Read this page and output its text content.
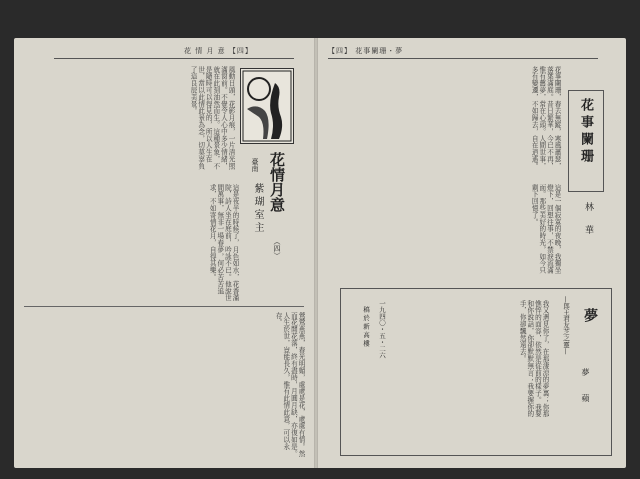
花 情 月 意 【四】
花情月意
（四）
臺南
紫瑚室主
風動日頭，花影月痕，一片清光照滿窗前。不覺令人心中多少情緒，就在此刻油然而生。這種景象，不是隨時可以得見的，所以人生在世，當以此情此景為念，切莫辜負了這良辰美景。
這是夜半的時候了，月色如水，花香滿院，詩人坐在庭前，吟詠不已。他說世間萬事，無非一場春夢，何必苦苦追求，不如寄情花月，自得其樂。
鶯鶯燕燕，春光明媚，處處是花，處處有情。然而花開花落，終有盡時，月圓月缺，亦復如是。人生於世，豈能長久，惟有此情此意，可以永存。
【四】 花事闌珊・夢
花事闌珊
林華
花事闌珊，春去無蹤，寒風蕭瑟，落葉滿庭。昔日繁華，今已不再，惟有舊夢，常在心頭。人間世事，多有變遷，不如歸去，自在逍遙。
這是一個寂寞的夜晚，我獨坐燈下，回想往事，不禁淚流滿面。那些美好的時光，如今只剩下回憶了。
夢
—郎王君友芝之靈—
夢蘋
我又遇見你了，在那淒涼的夢裏；你那憔悴的面容，依然是從前的樣子。我要和你說話，你卻默默無言；我要握你的手，你卻飄然遠去。
一九四〇・五・二六
稿於新高樓
